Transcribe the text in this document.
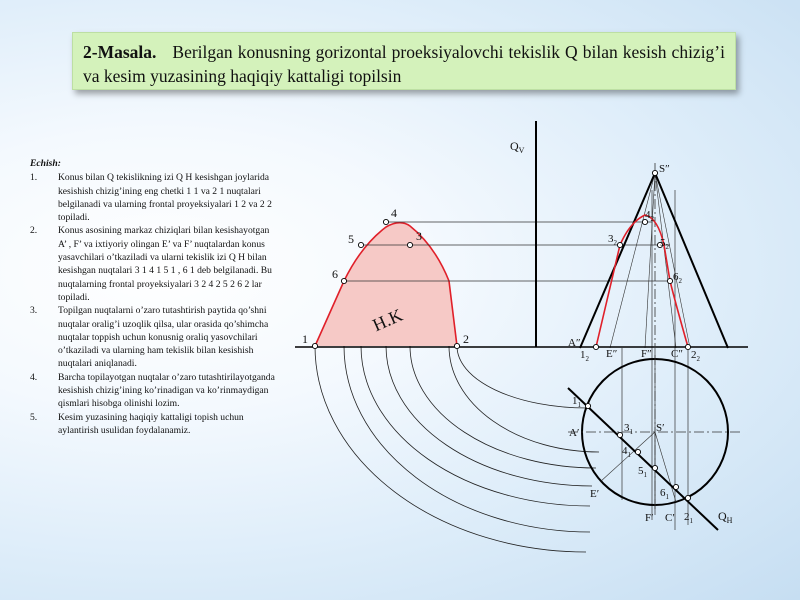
2-Masala. Berilgan konusning gorizontal proeksiyalovchi tekislik Q bilan kesish chizig’i va kesim yuzasining haqiqiy kattaligi topilsin
Echish:
1. Konus bilan Q tekislikning izi Q H kesishgan joylarida kesishish chizig’ining eng chetki 1 1 va 2 1 nuqtalari belgilanadi va ularning frontal proyeksiyalari 1 2 va 2 2 topiladi.
2. Konus asosining markaz chiziqlari bilan kesishayotgan A’ , F’ va ixtiyoriy olingan E’ va F’ nuqtalardan konus yasavchilari o’tkaziladi va ularni tekislik izi Q H bilan kesishgan nuqtalari 3 1 4 1 5 1 , 6 1 deb belgilanadi. Bu nuqtalarning frontal proyeksiyalari 3 2 4 2 5 2 6 2 lar topiladi.
3. Topilgan nuqtalarni o’zaro tutashtirish paytida qo’shni nuqtalar oralig’i uzoqlik qilsa, ular orasida qo’shimcha nuqtalar toppish uchun konusnig oraliq yasovchilari o’tkaziladi va ularning ham tekislik bilan kesishish nuqtalari aniqlanadi.
4. Barcha topilayotgan nuqtalar o’zaro tutashtirilayotganda kesishish chizig’ining ko’rinadigan va ko’rinmaydigan qismlari hisobga olinishi lozim.
5. Kesim yuzasining haqiqiy kattaligi topish uchun aylantirish usulidan foydalanamiz.
1	2
3
4
5
6
H.K
$Q_V$
$Q_H$
S″
A″
E″ F″ C″
$1_2$	$2_2$
$3_2$
$4_2$
$5_2$
$6_2$
S′
A′
E′
F′ C′
$1_1$
$2_1$
$3_1$
$4_1$
$5_1$
$6_1$
